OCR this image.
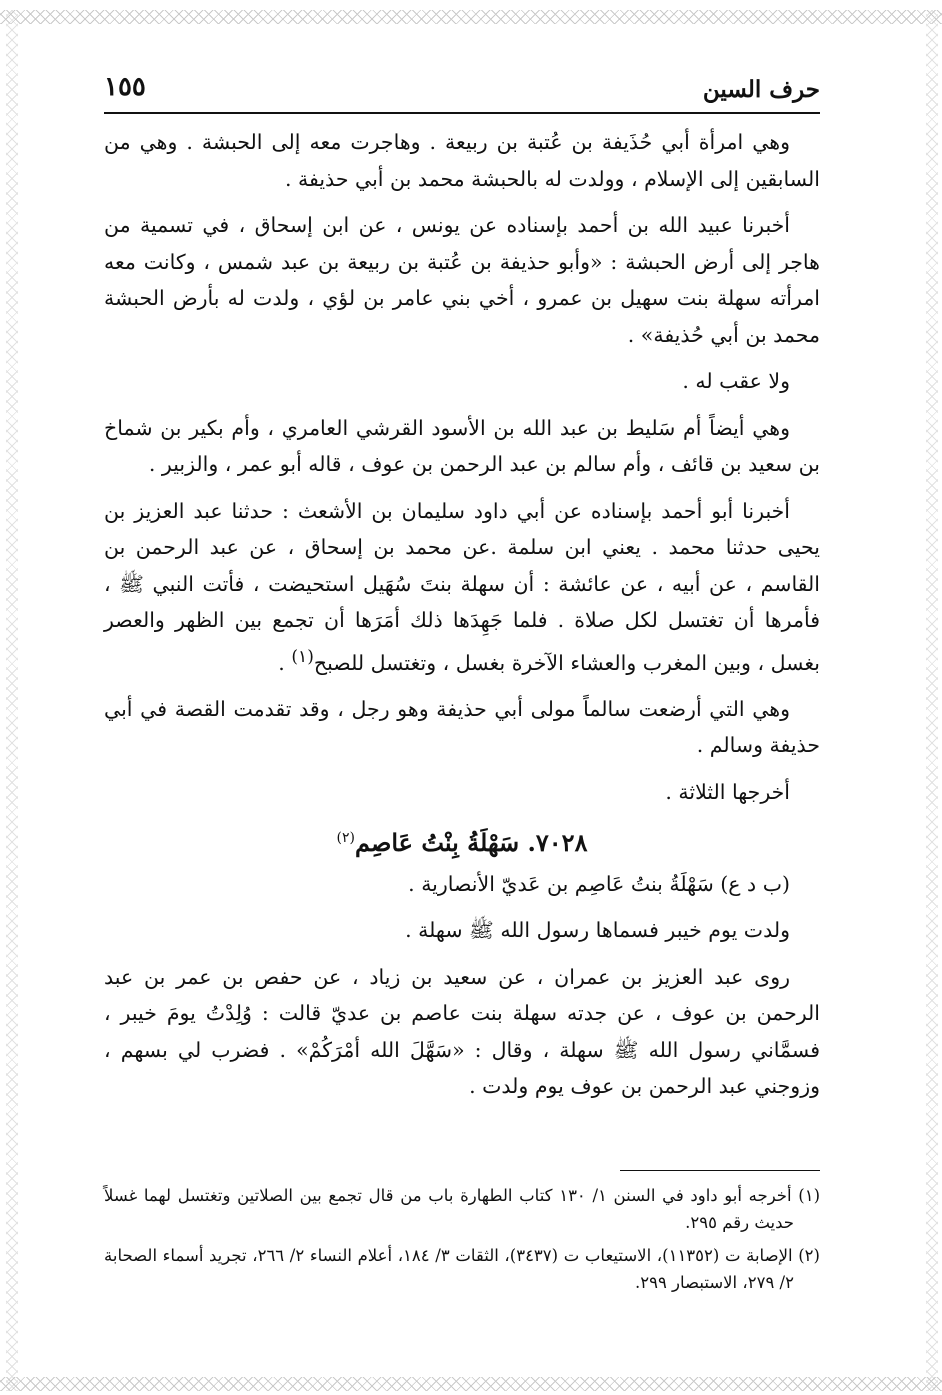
حرف السين
١٥٥

وهي امرأة أبي حُذَيفة بن عُتبة بن ربيعة . وهاجرت معه إلى الحبشة . وهي من السابقين إلى الإسلام ، وولدت له بالحبشة محمد بن أبي حذيفة .

أخبرنا عبيد الله بن أحمد بإسناده عن يونس ، عن ابن إسحاق ، في تسمية من هاجر إلى أرض الحبشة : «وأبو حذيفة بن عُتبة بن ربيعة بن عبد شمس ، وكانت معه امرأته سهلة بنت سهيل بن عمرو ، أخي بني عامر بن لؤي ، ولدت له بأرض الحبشة محمد بن أبي حُذيفة» .

ولا عقب له .

وهي أيضاً أم سَليط بن عبد الله بن الأسود القرشي العامري ، وأم بكير بن شماخ بن سعيد بن قائف ، وأم سالم بن عبد الرحمن بن عوف ، قاله أبو عمر ، والزبير .

أخبرنا أبو أحمد بإسناده عن أبي داود سليمان بن الأشعث : حدثنا عبد العزيز بن يحيى حدثنا محمد . يعني ابن سلمة .عن محمد بن إسحاق ، عن عبد الرحمن بن القاسم ، عن أبيه ، عن عائشة : أن سهلة بنتَ سُهَيل استحيضت ، فأتت النبي ﷺ ، فأمرها أن تغتسل لكل صلاة . فلما جَهِدَها ذلك أمَرَها أن تجمع بين الظهر والعصر بغسل ، وبين المغرب والعشاء الآخرة بغسل ، وتغتسل للصبح$^{(١)}$ .

وهي التي أرضعت سالماً مولى أبي حذيفة وهو رجل ، وقد تقدمت القصة في أبي حذيفة وسالم .

أخرجها الثلاثة .

٧٠٢٨. سَهْلَةُ بِنْتُ عَاصِم$^{(٢)}$

(ب د ع) سَهْلَةُ بنتُ عَاصِم بن عَديّ الأنصارية .

ولدت يوم خيبر فسماها رسول الله ﷺ سهلة .

روى عبد العزيز بن عمران ، عن سعيد بن زياد ، عن حفص بن عمر بن عبد الرحمن بن عوف ، عن جدته سهلة بنت عاصم بن عديّ قالت : وُلِدْتُ يومَ خيبر ، فسمَّاني رسول الله ﷺ سهلة ، وقال : «سَهَّلَ الله أمْرَكُمْ» . فضرب لي بسهم ، وزوجني عبد الرحمن بن عوف يوم ولدت .

(١) أخرجه أبو داود في السنن ١/ ١٣٠ كتاب الطهارة باب من قال تجمع بين الصلاتين وتغتسل لهما غسلاً حديث رقم ٢٩٥.

(٢) الإصابة ت (١١٣٥٢)، الاستيعاب ت (٣٤٣٧)، الثقات ٣/ ١٨٤، أعلام النساء ٢/ ٢٦٦، تجريد أسماء الصحابة ٢/ ٢٧٩، الاستبصار ٢٩٩.
